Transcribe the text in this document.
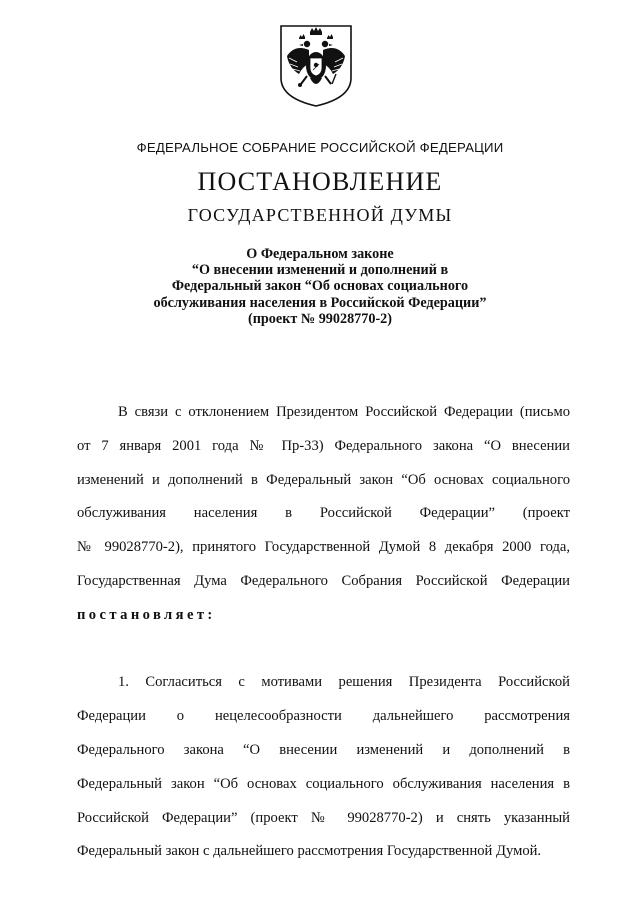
ФЕДЕРАЛЬНОЕ СОБРАНИЕ РОССИЙСКОЙ ФЕДЕРАЦИИ
ПОСТАНОВЛЕНИЕ
ГОСУДАРСТВЕННОЙ ДУМЫ
О Федеральном законе
“О внесении изменений и дополнений в
Федеральный закон “Об основах социального
обслуживания населения в Российской Федерации”
(проект № 99028770-2)
В связи с отклонением Президентом Российской Федерации (письмо
от 7 января 2001 года № Пр-33) Федерального закона “О внесении
изменений и дополнений в Федеральный закон “Об основах социального
обслуживания населения в Российской Федерации” (проект
№ 99028770-2), принятого Государственной Думой 8 декабря 2000 года,
Государственная Дума Федерального Собрания Российской Федерации
постановляет:
1. Согласиться с мотивами решения Президента Российской
Федерации о нецелесообразности дальнейшего рассмотрения
Федерального закона “О внесении изменений и дополнений в
Федеральный закон “Об основах социального обслуживания населения в
Российской Федерации” (проект № 99028770-2) и снять указанный
Федеральный закон с дальнейшего рассмотрения Государственной Думой.
